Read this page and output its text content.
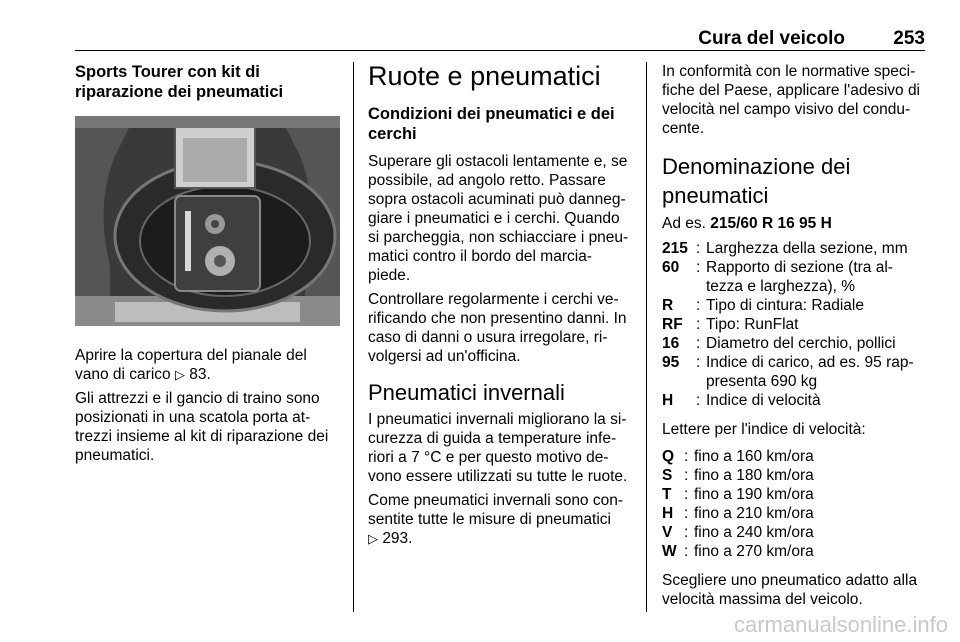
Cura del veicolo	253
Sports Tourer con kit di riparazione dei pneumatici

Aprire la copertura del pianale del vano di carico ▷ 83.

Gli attrezzi e il gancio di traino sono posizionati in una scatola porta at-trezzi insieme al kit di riparazione dei pneumatici.

Ruote e pneumatici
Condizioni dei pneumatici e dei cerchi

Superare gli ostacoli lentamente e, se possibile, ad angolo retto. Passare sopra ostacoli acuminati può danneg-giare i pneumatici e i cerchi. Quando si parcheggia, non schiacciare i pneu-matici contro il bordo del marcia-piede.

Controllare regolarmente i cerchi ve-rificando che non presentino danni. In caso di danni o usura irregolare, ri-volgersi ad un'officina.

Pneumatici invernali

I pneumatici invernali migliorano la si-curezza di guida a temperature infe-riori a 7 °C e per questo motivo de-vono essere utilizzati su tutte le ruote.

Come pneumatici invernali sono con-sentite tutte le misure di pneumatici
▷ 293.

In conformità con le normative speci-fiche del Paese, applicare l'adesivo di velocità nel campo visivo del condu-cente.

Denominazione dei pneumatici

Ad es. 215/60 R 16 95 H

215 : Larghezza della sezione, mm
60	: Rapporto di sezione (tra al-tezza e larghezza), %
R	: Tipo di cintura: Radiale
RF : Tipo: RunFlat
16	: Diametro del cerchio, pollici
95	: Indice di carico, ad es. 95 rap-presenta 690 kg
H	: Indice di velocità

Lettere per l'indice di velocità:

Q : fino a 160 km/ora
S : fino a 180 km/ora
T : fino a 190 km/ora
H : fino a 210 km/ora
V : fino a 240 km/ora
W : fino a 270 km/ora

Scegliere uno pneumatico adatto alla velocità massima del veicolo.

carmanualsonline.info
